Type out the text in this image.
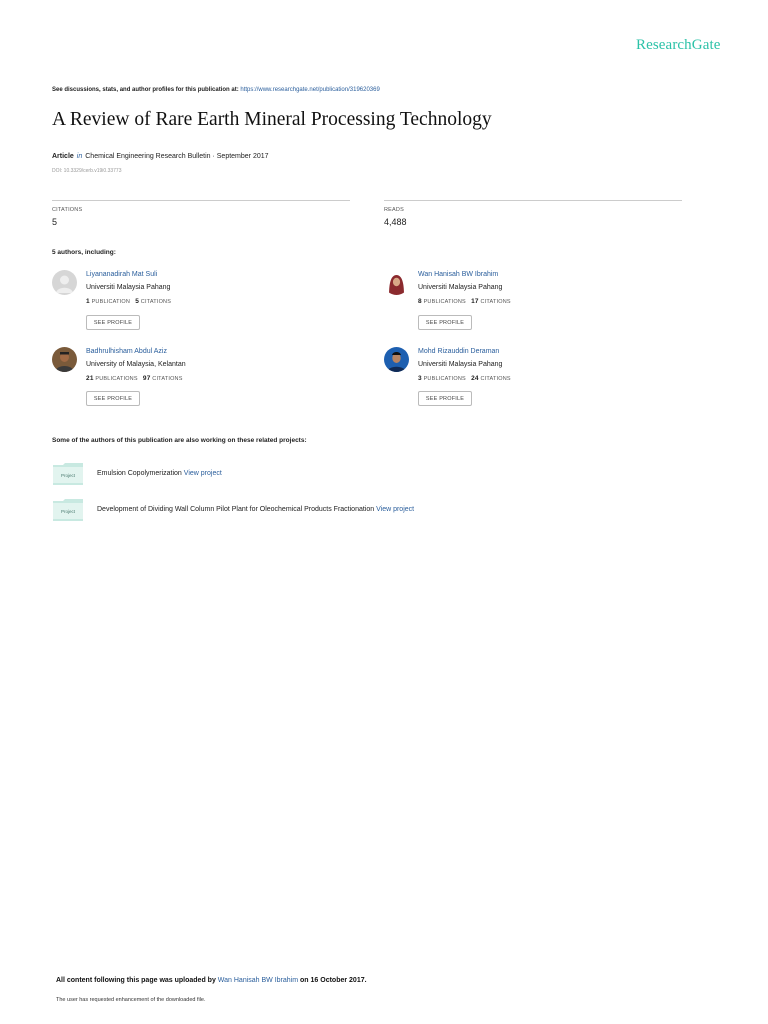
ResearchGate
See discussions, stats, and author profiles for this publication at: https://www.researchgate.net/publication/319620369
A Review of Rare Earth Mineral Processing Technology
Article in Chemical Engineering Research Bulletin · September 2017
DOI: 10.3329/cerb.v19i0.33773
CITATIONS
5
READS
4,488
5 authors, including:
Liyananadirah Mat Suli
Universiti Malaysia Pahang
1 PUBLICATION 5 CITATIONS
SEE PROFILE
Wan Hanisah BW Ibrahim
Universiti Malaysia Pahang
8 PUBLICATIONS 17 CITATIONS
SEE PROFILE
Badhrulhisham Abdul Aziz
University of Malaysia, Kelantan
21 PUBLICATIONS 97 CITATIONS
SEE PROFILE
Mohd Rizauddin Deraman
Universiti Malaysia Pahang
3 PUBLICATIONS 24 CITATIONS
SEE PROFILE
Some of the authors of this publication are also working on these related projects:
Project	Emulsion Copolymerization View project
Project	Development of Dividing Wall Column Pilot Plant for Oleochemical Products Fractionation View project
All content following this page was uploaded by Wan Hanisah BW Ibrahim on 16 October 2017.
The user has requested enhancement of the downloaded file.
